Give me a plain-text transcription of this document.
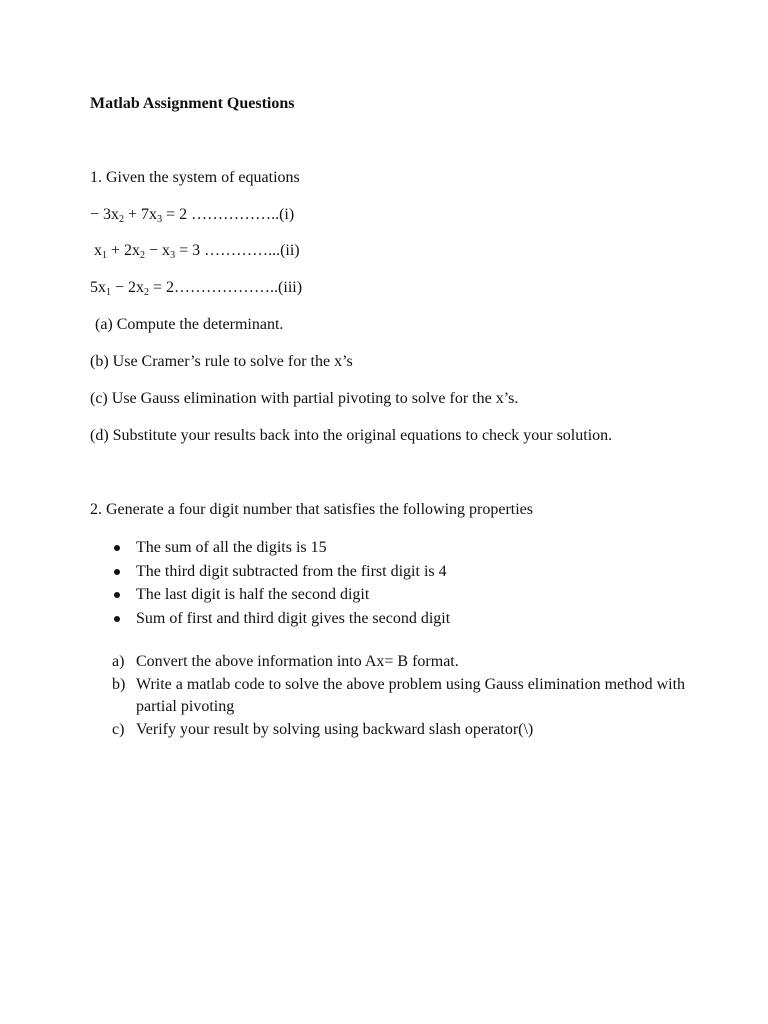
Matlab Assignment Questions
1. Given the system of equations
− $3x_2 + 7x_3 = 2$ ……………..(i)
$x_1 + 2x_2 - x_3 = 3$ …………...(ii)
$5x_1 - 2x_2$ = 2………………..(iii)
(a) Compute the determinant.
(b) Use Cramer’s rule to solve for the x’s
(c) Use Gauss elimination with partial pivoting to solve for the x’s.
(d) Substitute your results back into the original equations to check your solution.
2. Generate a four digit number that satisfies the following properties
The sum of all the digits is 15
The third digit subtracted from the first digit is 4
The last digit is half the second digit
Sum of first and third digit gives the second digit
a) Convert the above information into Ax= B format.
b) Write a matlab code to solve the above problem using Gauss elimination method with partial pivoting
c) Verify your result by solving using backward slash operator(\)
